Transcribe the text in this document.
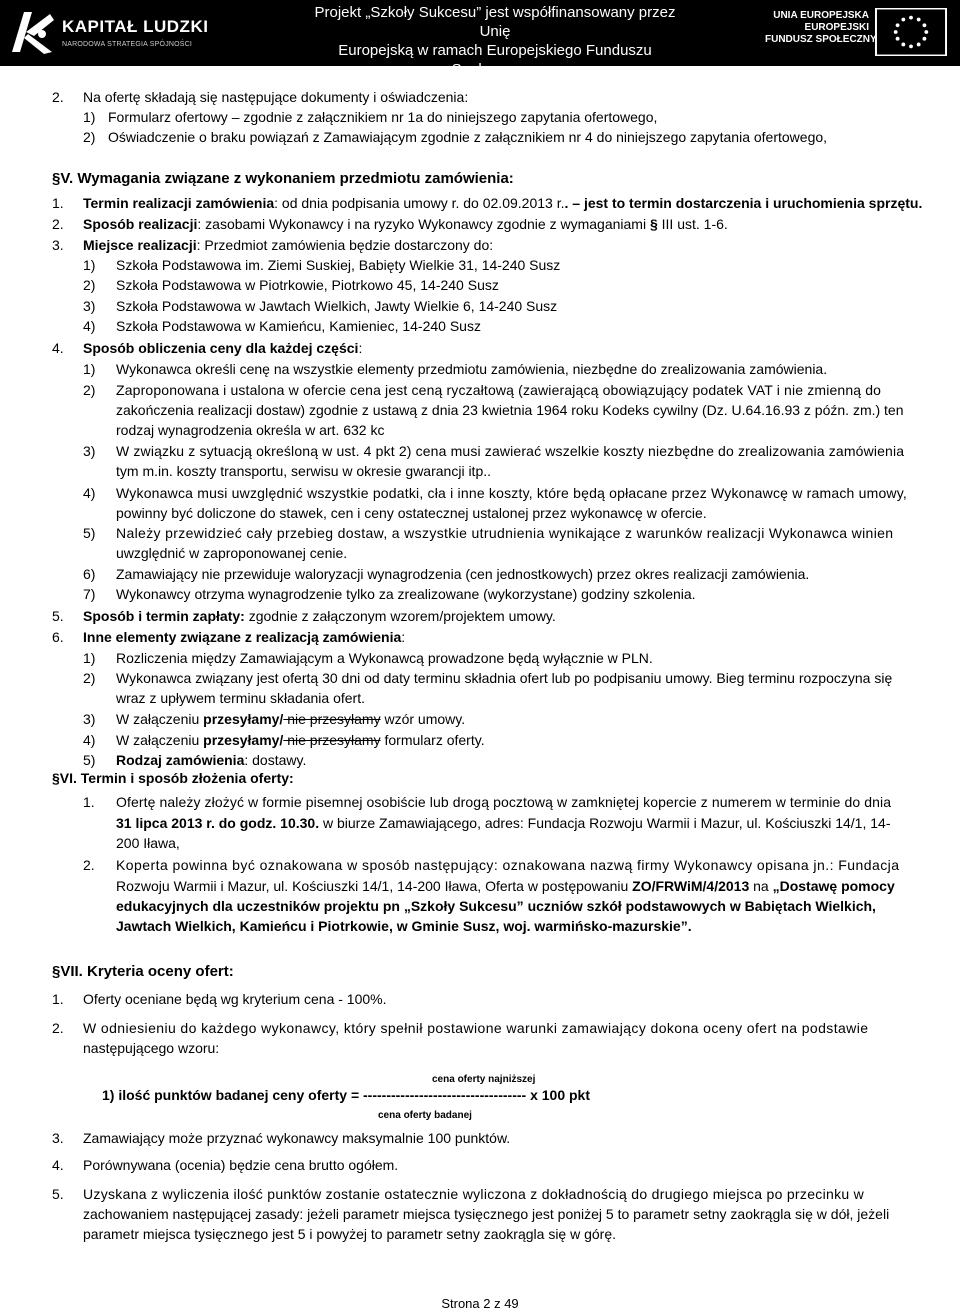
KAPITAŁ LUDZKI
NARODOWA STRATEGIA SPÓJNOŚCI
Projekt „Szkoły Sukcesu” jest współfinansowany przez Unię
Europejską w ramach Europejskiego Funduszu Społecznego
Programu Operacyjnego Kapitał Ludzki
UNIA EUROPEJSKA
EUROPEJSKI
FUNDUSZ SPOŁECZNY
2. Na ofertę składają się następujące dokumenty i oświadczenia:
1) Formularz ofertowy – zgodnie z załącznikiem nr 1a do niniejszego zapytania ofertowego,
2) Oświadczenie o braku powiązań z Zamawiającym zgodnie z załącznikiem nr 4 do niniejszego zapytania ofertowego,
§V. Wymagania związane z wykonaniem przedmiotu zamówienia:
1. Termin realizacji zamówienia: od dnia podpisania umowy r. do 02.09.2013 r.. – jest to termin dostarczenia i uruchomienia sprzętu.
2. Sposób realizacji: zasobami Wykonawcy i na ryzyko Wykonawcy zgodnie z wymaganiami § III ust. 1-6.
3. Miejsce realizacji: Przedmiot zamówienia będzie dostarczony do:
1) Szkoła Podstawowa im. Ziemi Suskiej, Babięty Wielkie 31, 14-240 Susz
2) Szkoła Podstawowa w Piotrkowie, Piotrkowo 45, 14-240 Susz
3) Szkoła Podstawowa w Jawtach Wielkich, Jawty Wielkie 6, 14-240 Susz
4) Szkoła Podstawowa w Kamieńcu, Kamieniec, 14-240 Susz
4. Sposób obliczenia ceny dla każdej części:
1) Wykonawca określi cenę na wszystkie elementy przedmiotu zamówienia, niezbędne do zrealizowania zamówienia.
2) Zaproponowana i ustalona w ofercie cena jest ceną ryczałtową (zawierającą obowiązujący podatek VAT i nie zmienną do
zakończenia realizacji dostaw) zgodnie z ustawą z dnia 23 kwietnia 1964 roku Kodeks cywilny (Dz. U.64.16.93 z późn. zm.) ten
rodzaj wynagrodzenia określa w art. 632 kc
3) W związku z sytuacją określoną w ust. 4 pkt 2) cena musi zawierać wszelkie koszty niezbędne do zrealizowania zamówienia
tym m.in. koszty transportu, serwisu w okresie gwarancji itp..
4) Wykonawca musi uwzględnić wszystkie podatki, cła i inne koszty, które będą opłacane przez Wykonawcę w ramach umowy,
powinny być doliczone do stawek, cen i ceny ostatecznej ustalonej przez wykonawcę w ofercie.
5) Należy przewidzieć cały przebieg dostaw, a wszystkie utrudnienia wynikające z warunków realizacji Wykonawca winien
uwzględnić w zaproponowanej cenie.
6) Zamawiający nie przewiduje waloryzacji wynagrodzenia (cen jednostkowych) przez okres realizacji zamówienia.
7) Wykonawcy otrzyma wynagrodzenie tylko za zrealizowane (wykorzystane) godziny szkolenia.
5. Sposób i termin zapłaty: zgodnie z załączonym wzorem/projektem umowy.
6. Inne elementy związane z realizacją zamówienia:
1) Rozliczenia między Zamawiającym a Wykonawcą prowadzone będą wyłącznie w PLN.
2) Wykonawca związany jest ofertą 30 dni od daty terminu składnia ofert lub po podpisaniu umowy. Bieg terminu rozpoczyna się
wraz z upływem terminu składania ofert.
3) W załączeniu przesyłamy/ nie przesyłamy wzór umowy.
4) W załączeniu przesyłamy/ nie przesyłamy formularz oferty.
5) Rodzaj zamówienia: dostawy.
§VI. Termin i sposób złożenia oferty:
1. Ofertę należy złożyć w formie pisemnej osobiście lub drogą pocztową w zamkniętej kopercie z numerem w terminie do dnia
31 lipca 2013 r. do godz. 10.30. w biurze Zamawiającego, adres: Fundacja Rozwoju Warmii i Mazur, ul. Kościuszki 14/1, 14-
200 Iława,
2. Koperta powinna być oznakowana w sposób następujący: oznakowana nazwą firmy Wykonawcy opisana jn.: Fundacja
Rozwoju Warmii i Mazur, ul. Kościuszki 14/1, 14-200 Iława, Oferta w postępowaniu ZO/FRWiM/4/2013 na „Dostawę pomocy
edukacyjnych dla uczestników projektu pn „Szkoły Sukcesu” uczniów szkół podstawowych w Babiętach Wielkich,
Jawtach Wielkich, Kamieńcu i Piotrkowie, w Gminie Susz, woj. warmińsko-mazurskie”.
§VII. Kryteria oceny ofert:
1. Oferty oceniane będą wg kryterium cena - 100%.
2. W odniesieniu do każdego wykonawcy, który spełnił postawione warunki zamawiający dokona oceny ofert na podstawie
następującego wzoru:
cena oferty najniższej
1) ilość punktów badanej ceny oferty = ----------------------------------- x 100 pkt
cena oferty badanej
3. Zamawiający może przyznać wykonawcy maksymalnie 100 punktów.
4. Porównywana (ocenia) będzie cena brutto ogółem.
5. Uzyskana z wyliczenia ilość punktów zostanie ostatecznie wyliczona z dokładnością do drugiego miejsca po przecinku w
zachowaniem następującej zasady: jeżeli parametr miejsca tysięcznego jest poniżej 5 to parametr setny zaokrągla się w dół, jeżeli
parametr miejsca tysięcznego jest 5 i powyżej to parametr setny zaokrągla się w górę.
Strona 2 z 49
